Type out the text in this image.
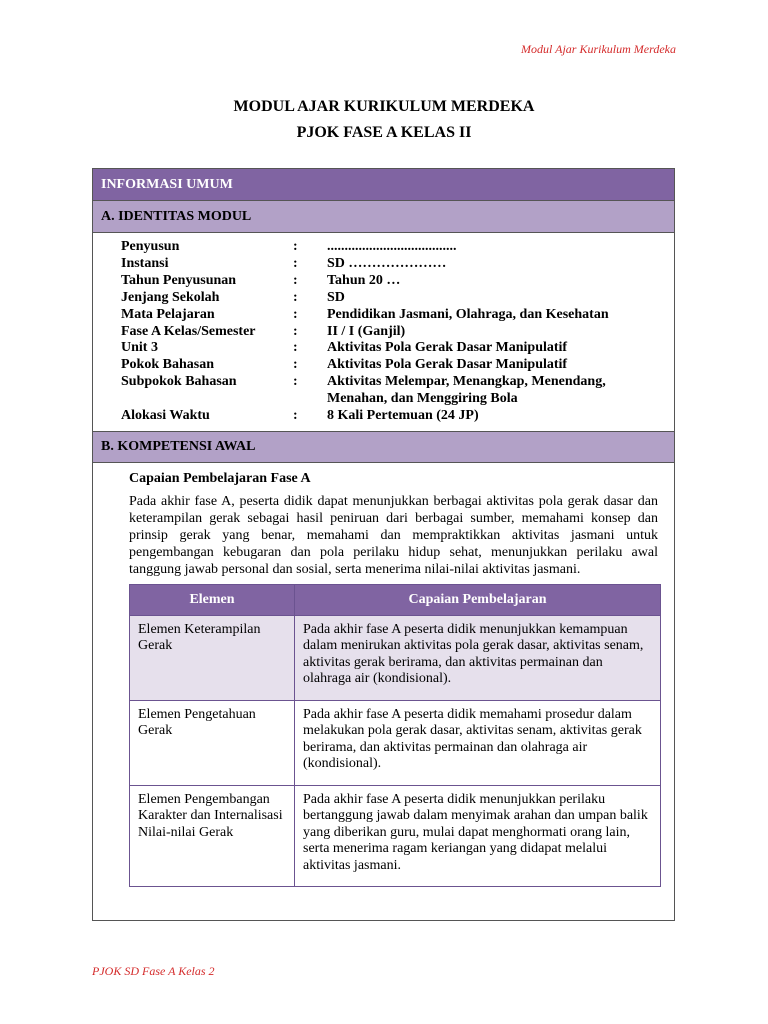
Modul Ajar Kurikulum Merdeka
MODUL AJAR KURIKULUM MERDEKA
PJOK FASE A KELAS II
INFORMASI UMUM
A. IDENTITAS MODUL
Penyusun	:	.....................................
Instansi	:	SD …………………
Tahun Penyusunan	:	Tahun 20 …
Jenjang Sekolah	:	SD
Mata Pelajaran	:	Pendidikan Jasmani, Olahraga, dan Kesehatan
Fase A Kelas/Semester	:	II / I (Ganjil)
Unit 3	:	Aktivitas Pola Gerak Dasar Manipulatif
Pokok Bahasan	:	Aktivitas Pola Gerak Dasar Manipulatif
Subpokok Bahasan	:	Aktivitas Melempar, Menangkap, Menendang, Menahan, dan Menggiring Bola
Alokasi Waktu	:	8 Kali Pertemuan (24 JP)
B. KOMPETENSI AWAL
Capaian Pembelajaran Fase A
Pada akhir fase A, peserta didik dapat menunjukkan berbagai aktivitas pola gerak dasar dan keterampilan gerak sebagai hasil peniruan dari berbagai sumber, memahami konsep dan prinsip gerak yang benar, memahami dan mempraktikkan aktivitas jasmani untuk pengembangan kebugaran dan pola perilaku hidup sehat, menunjukkan perilaku awal tanggung jawab personal dan sosial, serta menerima nilai-nilai aktivitas jasmani.
Elemen	Capaian Pembelajaran
Elemen Keterampilan Gerak	Pada akhir fase A peserta didik menunjukkan kemampuan dalam menirukan aktivitas pola gerak dasar, aktivitas senam, aktivitas gerak berirama, dan aktivitas permainan dan olahraga air (kondisional).
Elemen Pengetahuan Gerak	Pada akhir fase A peserta didik memahami prosedur dalam melakukan pola gerak dasar, aktivitas senam, aktivitas gerak berirama, dan aktivitas permainan dan olahraga air (kondisional).
Elemen Pengembangan Karakter dan Internalisasi Nilai-nilai Gerak	Pada akhir fase A peserta didik menunjukkan perilaku bertanggung jawab dalam menyimak arahan dan umpan balik yang diberikan guru, mulai dapat menghormati orang lain, serta menerima ragam keriangan yang didapat melalui aktivitas jasmani.
PJOK SD Fase A Kelas 2
